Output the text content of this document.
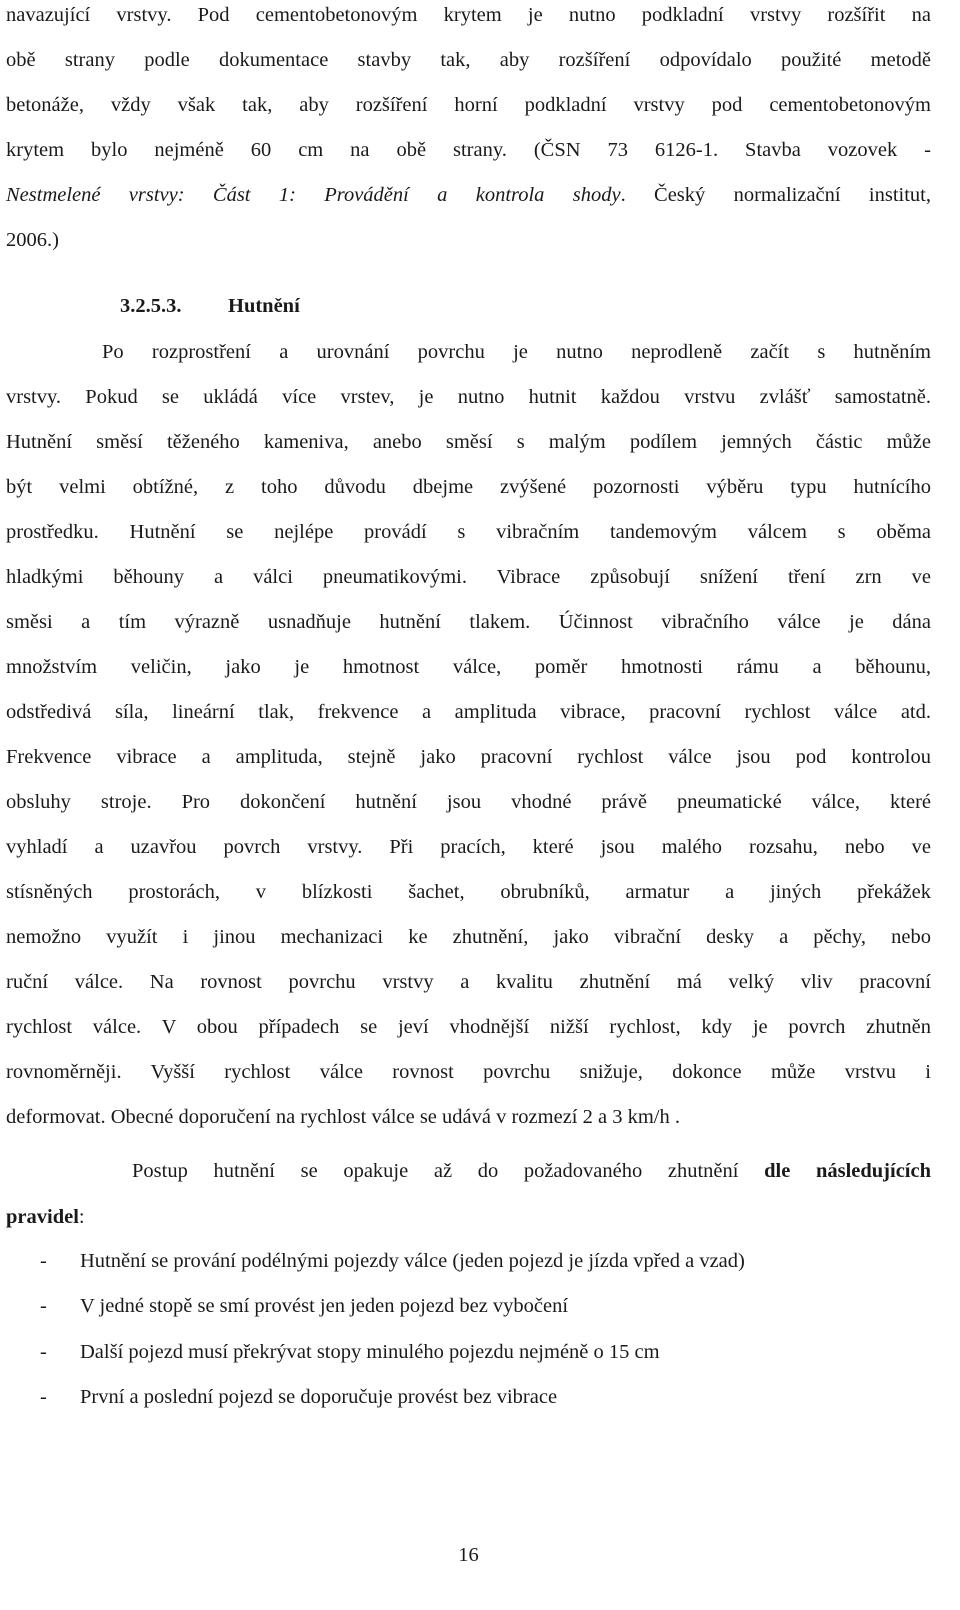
navazující vrstvy. Pod cementobetonovým krytem je nutno podkladní vrstvy rozšířit na
obě strany podle dokumentace stavby tak, aby rozšíření odpovídalo použité metodě
betonáže, vždy však tak, aby rozšíření horní podkladní vrstvy pod cementobetonovým
krytem bylo nejméně 60 cm na obě strany. (ČSN 73 6126-1. Stavba vozovek -
Nestmelené vrstvy: Část 1: Provádění a kontrola shody. Český normalizační institut,
2006.)
3.2.5.3. Hutnění
Po rozprostření a urovnání povrchu je nutno neprodleně začít s hutněním
vrstvy. Pokud se ukládá více vrstev, je nutno hutnit každou vrstvu zvlášť samostatně.
Hutnění směsí těženého kameniva, anebo směsí s malým podílem jemných částic může
být velmi obtížné, z toho důvodu dbejme zvýšené pozornosti výběru typu hutnícího
prostředku. Hutnění se nejlépe provádí s vibračním tandemovým válcem s oběma
hladkými běhouny a válci pneumatikovými. Vibrace způsobují snížení tření zrn ve
směsi a tím výrazně usnadňuje hutnění tlakem. Účinnost vibračního válce je dána
množstvím veličin, jako je hmotnost válce, poměr hmotnosti rámu a běhounu,
odstředivá síla, lineární tlak, frekvence a amplituda vibrace, pracovní rychlost válce atd.
Frekvence vibrace a amplituda, stejně jako pracovní rychlost válce jsou pod kontrolou
obsluhy stroje. Pro dokončení hutnění jsou vhodné právě pneumatické válce, které
vyhladí a uzavřou povrch vrstvy. Při pracích, které jsou malého rozsahu, nebo ve
stísněných prostorách, v blízkosti šachet, obrubníků, armatur a jiných překážek
nemožno využít i jinou mechanizaci ke zhutnění, jako vibrační desky a pěchy, nebo
ruční válce. Na rovnost povrchu vrstvy a kvalitu zhutnění má velký vliv pracovní
rychlost válce. V obou případech se jeví vhodnější nižší rychlost, kdy je povrch zhutněn
rovnoměrněji. Vyšší rychlost válce rovnost povrchu snižuje, dokonce může vrstvu i
deformovat. Obecné doporučení na rychlost válce se udává v rozmezí 2 a 3 km/h .
Postup hutnění se opakuje až do požadovaného zhutnění dle následujících
pravidel:
- Hutnění se prování podélnými pojezdy válce (jeden pojezd je jízda vpřed a vzad)
- V jedné stopě se smí provést jen jeden pojezd bez vybočení
- Další pojezd musí překrývat stopy minulého pojezdu nejméně o 15 cm
- První a poslední pojezd se doporučuje provést bez vibrace
16
